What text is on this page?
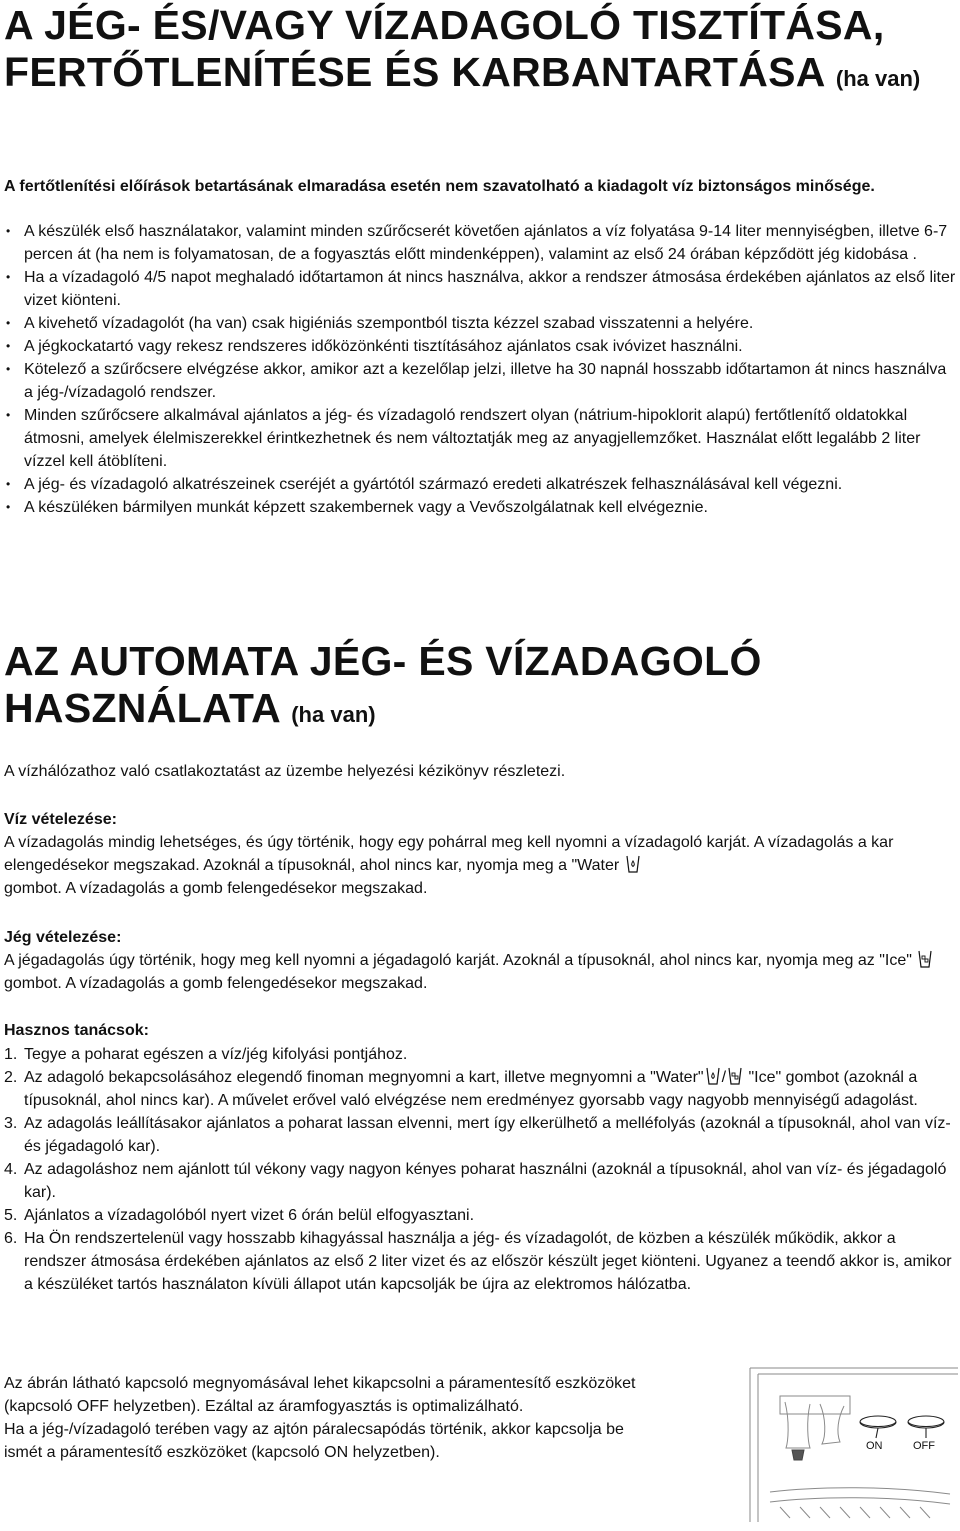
A JÉG- ÉS/VAGY VÍZADAGOLÓ TISZTÍTÁSA, FERTŐTLENÍTÉSE ÉS KARBANTARTÁSA (ha van)
A fertőtlenítési előírások betartásának elmaradása esetén nem szavatolható a kiadagolt víz biztonságos minősége.
• A készülék első használatakor, valamint minden szűrőcserét követően ajánlatos a víz folyatása 9-14 liter mennyiségben, illetve 6-7 percen át (ha nem is folyamatosan, de a fogyasztás előtt mindenképpen), valamint az első 24 órában képződött jég kidobása .
• Ha a vízadagoló 4/5 napot meghaladó időtartamon át nincs használva, akkor a rendszer átmosása érdekében ajánlatos az első liter vizet kiönteni.
• A kivehető vízadagolót (ha van) csak higiéniás szempontból tiszta kézzel szabad visszatenni a helyére.
• A jégkockatartó vagy rekesz rendszeres időközönkénti tisztításához ajánlatos csak ivóvizet használni.
• Kötelező a szűrőcsere elvégzése akkor, amikor azt a kezelőlap jelzi, illetve ha 30 napnál hosszabb időtartamon át nincs használva a jég-/vízadagoló rendszer.
• Minden szűrőcsere alkalmával ajánlatos a jég- és vízadagoló rendszert olyan (nátrium-hipoklorit alapú) fertőtlenítő oldatokkal átmosni, amelyek élelmiszerekkel érintkezhetnek és nem változtatják meg az anyagjellemzőket. Használat előtt legalább 2 liter vízzel kell átöblíteni.
• A jég- és vízadagoló alkatrészeinek cseréjét a gyártótól származó eredeti alkatrészek felhasználásával kell végezni.
• A készüléken bármilyen munkát képzett szakembernek vagy a Vevőszolgálatnak kell elvégeznie.
AZ AUTOMATA JÉG- ÉS VÍZADAGOLÓ HASZNÁLATA (ha van)

A vízhálózathoz való csatlakoztatást az üzembe helyezési kézikönyv részletezi.

Víz vételezése:
A vízadagolás mindig lehetséges, és úgy történik, hogy egy pohárral meg kell nyomni a vízadagoló karját. A vízadagolás a kar elengedésekor megszakad. Azoknál a típusoknál, ahol nincs kar, nyomja meg a "Water
gombot. A vízadagolás a gomb felengedésekor megszakad.
Jég vételezése:
A jégadagolás úgy történik, hogy meg kell nyomni a jégadagoló karját. Azoknál a típusoknál, ahol nincs kar, nyomja meg az "Ice"  gombot. A vízadagolás a gomb felengedésekor megszakad.
Hasznos tanácsok:
1. Tegye a poharat egészen a víz/jég kifolyási pontjához.
2. Az adagoló bekapcsolásához elegendő finoman megnyomni a kart, illetve megnyomni a "Water" / "Ice" gombot (azoknál a típusoknál, ahol nincs kar). A művelet erővel való elvégzése nem eredményez gyorsabb vagy nagyobb mennyiségű adagolást.
3. Az adagolás leállításakor ajánlatos a poharat lassan elvenni, mert így elkerülhető a melléfolyás (azoknál a típusoknál, ahol van víz- és jégadagoló kar).
4. Az adagoláshoz nem ajánlott túl vékony vagy nagyon kényes poharat használni (azoknál a típusoknál, ahol van víz- és jégadagoló kar).
5. Ajánlatos a vízadagolóból nyert vizet 6 órán belül elfogyasztani.
6. Ha Ön rendszertelenül vagy hosszabb kihagyással használja a jég- és vízadagolót, de közben a készülék működik, akkor a rendszer átmosása érdekében ajánlatos az első 2 liter vizet és az először készült jeget kiönteni. Ugyanez a teendő akkor is, amikor a készüléket tartós használaton kívüli állapot után kapcsolják be újra az elektromos hálózatba.
Az ábrán látható kapcsoló megnyomásával lehet kikapcsolni a páramentesítő eszközöket (kapcsoló OFF helyzetben). Ezáltal az áramfogyasztás is optimalizálható.
Ha a jég-/vízadagoló terében vagy az ajtón páralecsapódás történik, akkor kapcsolja be ismét a páramentesítő eszközöket (kapcsoló ON helyzetben).	ON	OFF
